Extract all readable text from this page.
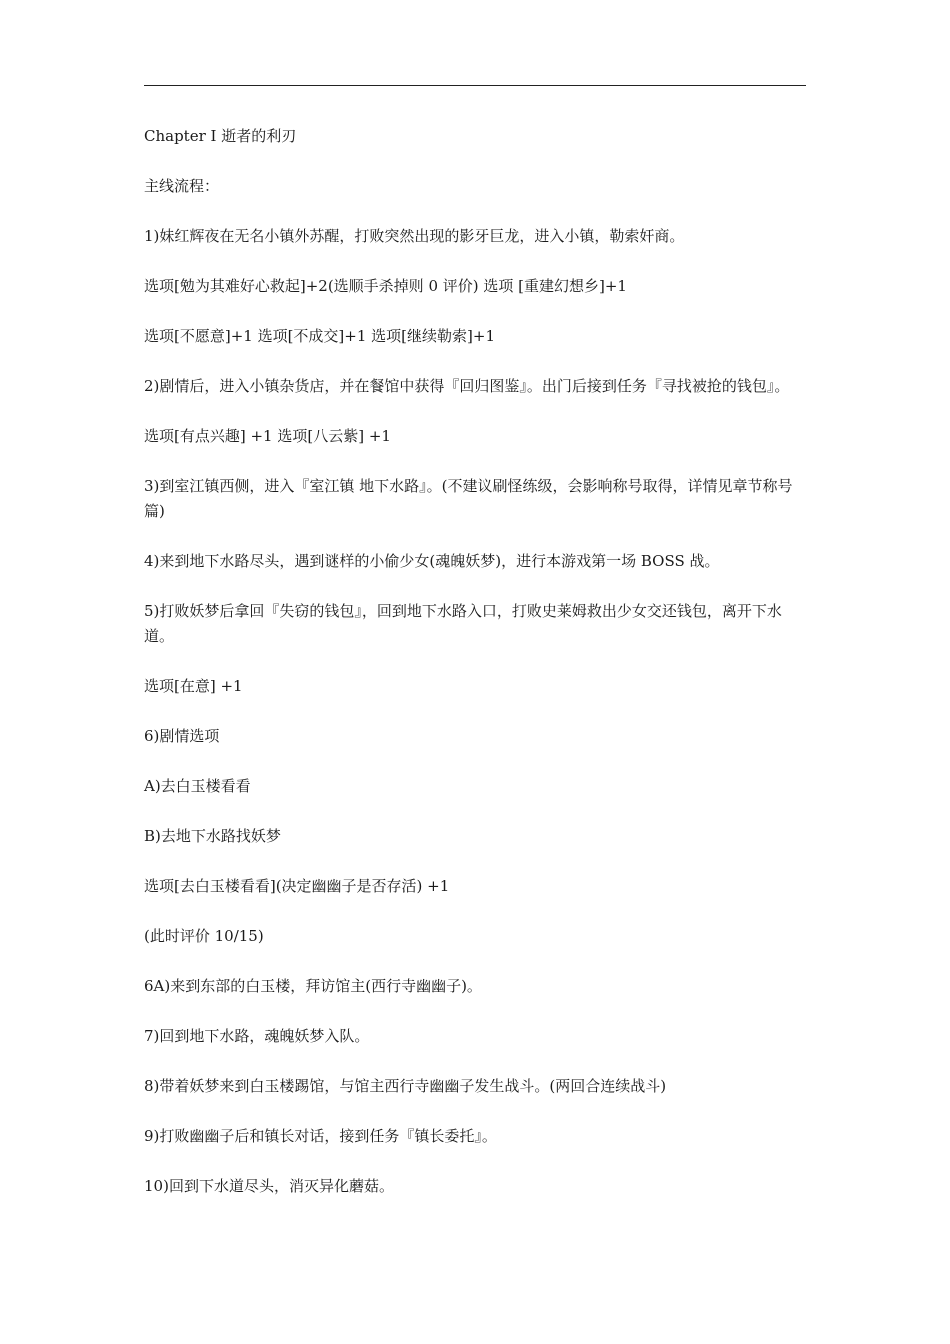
Chapter Ⅰ 逝者的利刃

主线流程：

1)妹红辉夜在无名小镇外苏醒，打败突然出现的影牙巨龙，进入小镇，勒索奸商。

选项[勉为其难好心救起]+2(选顺手杀掉则 0 评价) 选项 [重建幻想乡]+1

选项[不愿意]+1 选项[不成交]+1 选项[继续勒索]+1

2)剧情后，进入小镇杂货店，并在餐馆中获得『回归图鉴』。出门后接到任务『寻找被抢的钱包』。

选项[有点兴趣] +1 选项[八云紫] +1

3)到室江镇西侧，进入『室江镇 地下水路』。(不建议刷怪练级，会影响称号取得，详情见章节称号篇)

4)来到地下水路尽头，遇到谜样的小偷少女(魂魄妖梦)，进行本游戏第一场 BOSS 战。

5)打败妖梦后拿回『失窃的钱包』，回到地下水路入口，打败史莱姆救出少女交还钱包，离开下水道。

选项[在意] +1

6)剧情选项

A)去白玉楼看看

B)去地下水路找妖梦

选项[去白玉楼看看](决定幽幽子是否存活) +1

(此时评价 10/15)

6A)来到东部的白玉楼，拜访馆主(西行寺幽幽子)。

7)回到地下水路，魂魄妖梦入队。

8)带着妖梦来到白玉楼踢馆，与馆主西行寺幽幽子发生战斗。(两回合连续战斗)

9)打败幽幽子后和镇长对话，接到任务『镇长委托』。

10)回到下水道尽头，消灭异化蘑菇。
